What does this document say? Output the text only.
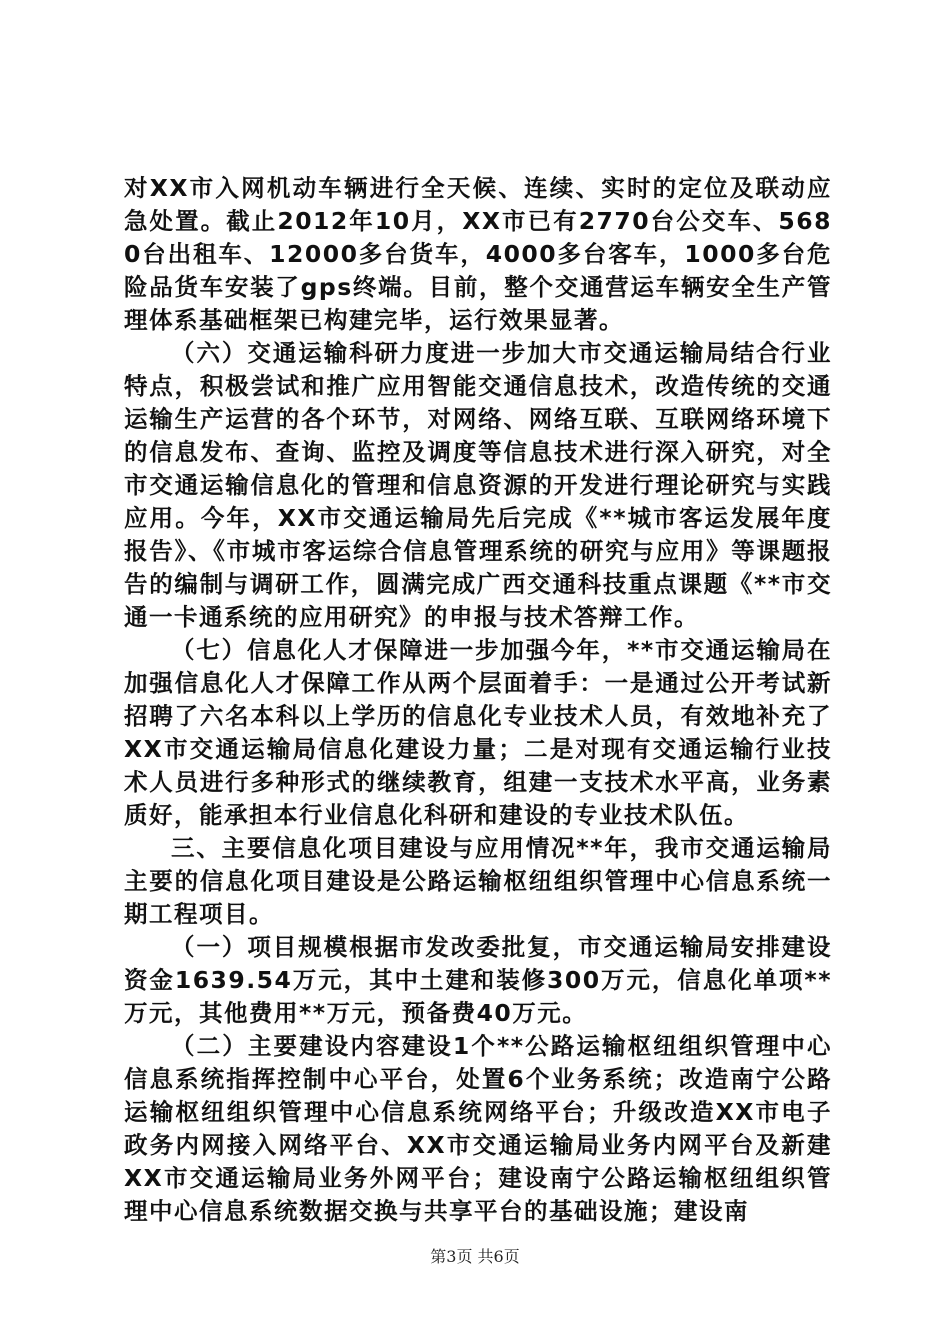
对XX市入网机动车辆进行全天候、连续、实时的定位及联动应急处置。截止2012年10月，XX市已有2770台公交车、5680台出租车、12000多台货车，4000多台客车，1000多台危险品货车安装了gps终端。目前，整个交通营运车辆安全生产管理体系基础框架已构建完毕，运行效果显著。

（六）交通运输科研力度进一步加大市交通运输局结合行业特点，积极尝试和推广应用智能交通信息技术，改造传统的交通运输生产运营的各个环节，对网络、网络互联、互联网络环境下的信息发布、查询、监控及调度等信息技术进行深入研究，对全市交通运输信息化的管理和信息资源的开发进行理论研究与实践应用。今年，XX市交通运输局先后完成《**城市客运发展年度报告》、《市城市客运综合信息管理系统的研究与应用》等课题报告的编制与调研工作，圆满完成广西交通科技重点课题《**市交通一卡通系统的应用研究》的申报与技术答辩工作。

（七）信息化人才保障进一步加强今年，**市交通运输局在加强信息化人才保障工作从两个层面着手：一是通过公开考试新招聘了六名本科以上学历的信息化专业技术人员，有效地补充了XX市交通运输局信息化建设力量；二是对现有交通运输行业技术人员进行多种形式的继续教育，组建一支技术水平高，业务素质好，能承担本行业信息化科研和建设的专业技术队伍。

三、主要信息化项目建设与应用情况**年，我市交通运输局主要的信息化项目建设是公路运输枢纽组织管理中心信息系统一期工程项目。

（一）项目规模根据市发改委批复，市交通运输局安排建设资金1639.54万元，其中土建和装修300万元，信息化单项**万元，其他费用**万元，预备费40万元。

（二）主要建设内容建设1个**公路运输枢纽组织管理中心信息系统指挥控制中心平台，处置6个业务系统；改造南宁公路运输枢纽组织管理中心信息系统网络平台；升级改造XX市电子政务内网接入网络平台、XX市交通运输局业务内网平台及新建XX市交通运输局业务外网平台；建设南宁公路运输枢纽组织管理中心信息系统数据交换与共享平台的基础设施；建设南

第3页 共6页
